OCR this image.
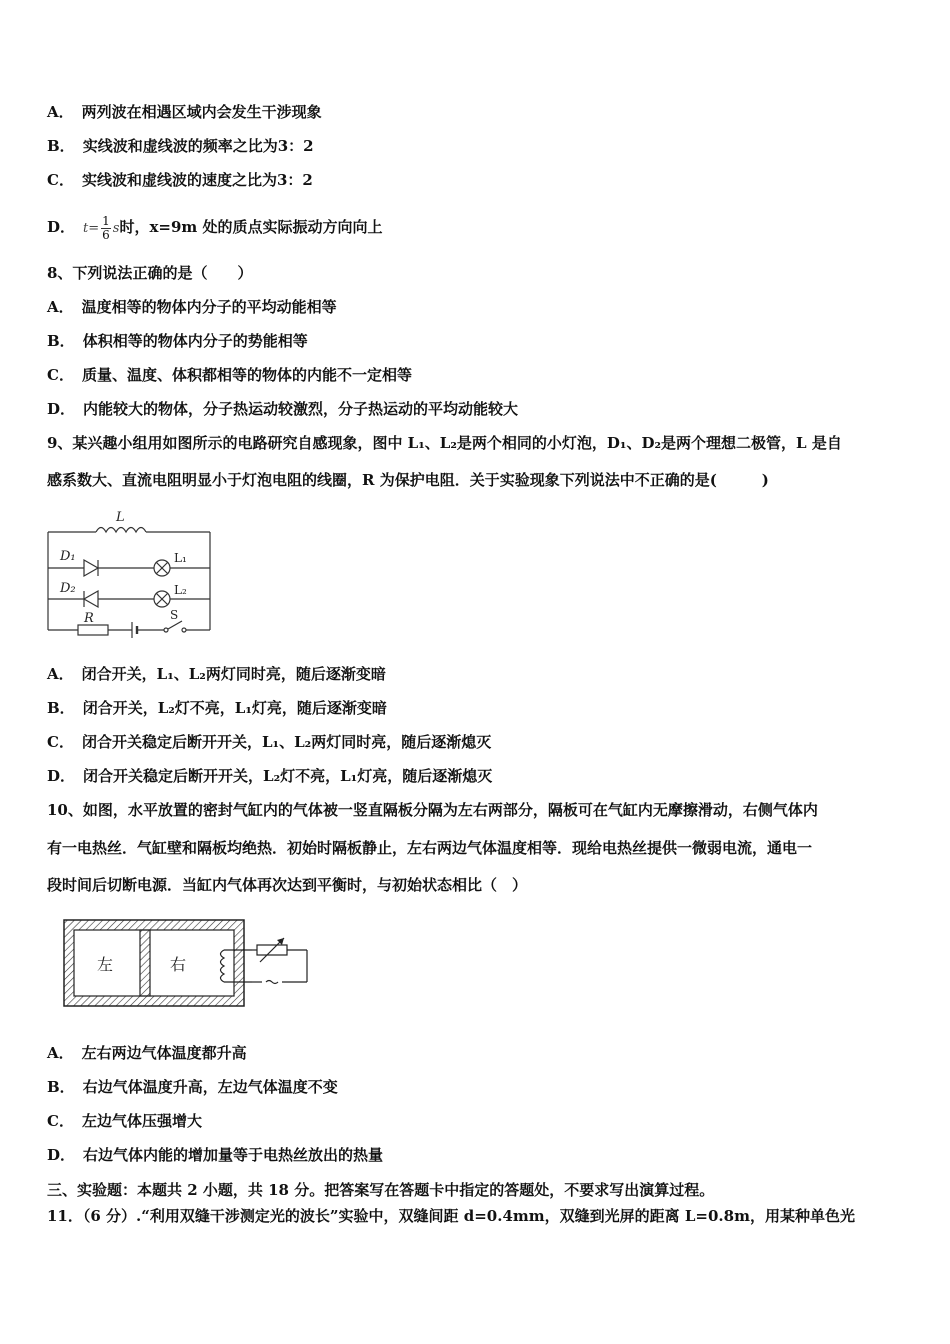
A． 两列波在相遇区域内会发生干涉现象
B． 实线波和虚线波的频率之比为3：2
C． 实线波和虚线波的速度之比为3：2
D． $t= \frac{1}{6}$ s时，x=9m 处的质点实际振动方向向上
8、下列说法正确的是（　　）
A． 温度相等的物体内分子的平均动能相等
B． 体积相等的物体内分子的势能相等
C． 质量、温度、体积都相等的物体的内能不一定相等
D． 内能较大的物体，分子热运动较激烈，分子热运动的平均动能较大
9、某兴趣小组用如图所示的电路研究自感现象，图中 L₁、L₂是两个相同的小灯泡，D₁、D₂是两个理想二极管，L 是自
感系数大、直流电阻明显小于灯泡电阻的线圈，R 为保护电阻．关于实验现象下列说法中不正确的是(　　　)
L
D₁
D₂
R
L₁
L₂
S
A． 闭合开关，L₁、L₂两灯同时亮，随后逐渐变暗
B． 闭合开关，L₂灯不亮，L₁灯亮，随后逐渐变暗
C． 闭合开关稳定后断开开关，L₁、L₂两灯同时亮，随后逐渐熄灭
D． 闭合开关稳定后断开开关，L₂灯不亮，L₁灯亮，随后逐渐熄灭
10、如图，水平放置的密封气缸内的气体被一竖直隔板分隔为左右两部分，隔板可在气缸内无摩擦滑动，右侧气体内
有一电热丝．气缸壁和隔板均绝热．初始时隔板静止，左右两边气体温度相等．现给电热丝提供一微弱电流，通电一
段时间后切断电源．当缸内气体再次达到平衡时，与初始状态相比（　）
左	右
A． 左右两边气体温度都升高
B． 右边气体温度升高，左边气体温度不变
C． 左边气体压强增大
D． 右边气体内能的增加量等于电热丝放出的热量
三、实验题：本题共 2 小题，共 18 分。把答案写在答题卡中指定的答题处，不要求写出演算过程。
11．（6 分）.“利用双缝干涉测定光的波长”实验中，双缝间距 d=0.4mm，双缝到光屏的距离 L=0.8m，用某种单色光
